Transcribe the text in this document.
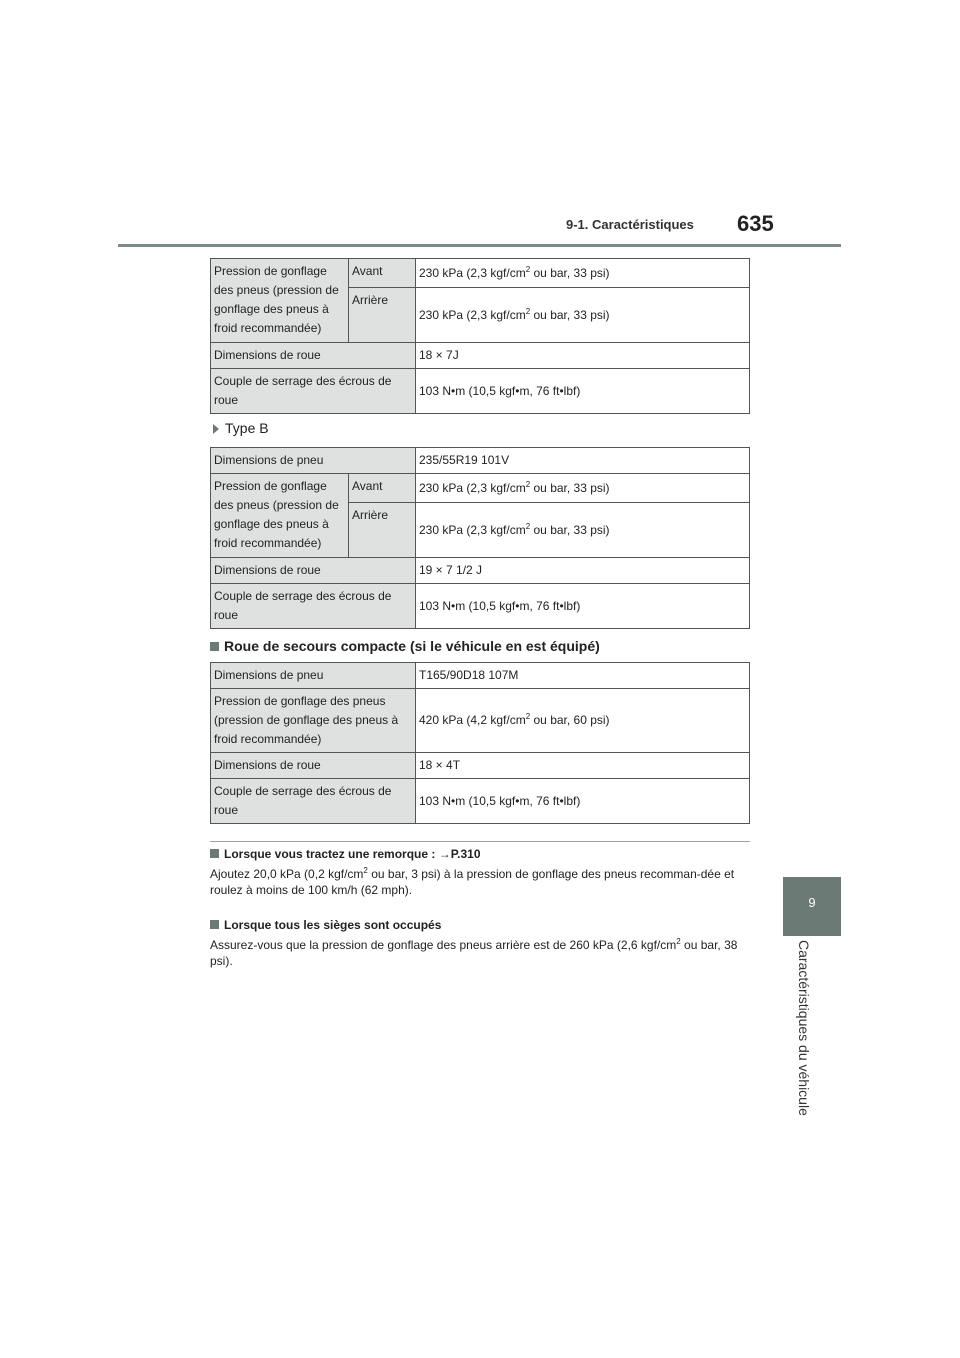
9-1. Caractéristiques 635
9
Caractéristiques du véhicule
Pression de gonflage des pneus (pression de gonflage des pneus à froid recommandée)	Avant	230 kPa (2,3 kgf/$cm^2$ ou bar, 33 psi)
	Arrière	230 kPa (2,3 kgf/$cm^2$ ou bar, 33 psi)
Dimensions de roue		18 × 7J
Couple de serrage des écrous de roue		103 N•m (10,5 kgf•m, 76 ft•lbf)
Type B
Dimensions de pneu		235/55R19 101V
Pression de gonflage des pneus (pression de gonflage des pneus à froid recommandée)	Avant	230 kPa (2,3 kgf/$cm^2$ ou bar, 33 psi)
	Arrière	230 kPa (2,3 kgf/$cm^2$ ou bar, 33 psi)
Dimensions de roue		19 × 7 1/2 J
Couple de serrage des écrous de roue		103 N•m (10,5 kgf•m, 76 ft•lbf)
Roue de secours compacte (si le véhicule en est équipé)
Dimensions de pneu	T165/90D18 107M
Pression de gonflage des pneus (pression de gonflage des pneus à froid recommandée)	420 kPa (4,2 kgf/$cm^2$ ou bar, 60 psi)
Dimensions de roue	18 × 4T
Couple de serrage des écrous de roue	103 N•m (10,5 kgf•m, 76 ft•lbf)
Lorsque vous tractez une remorque : →P.310
Ajoutez 20,0 kPa (0,2 kgf/$cm^2$ ou bar, 3 psi) à la pression de gonflage des pneus recomman-dée et roulez à moins de 100 km/h (62 mph).
Lorsque tous les sièges sont occupés
Assurez-vous que la pression de gonflage des pneus arrière est de 260 kPa (2,6 kgf/$cm^2$ ou bar, 38 psi).
